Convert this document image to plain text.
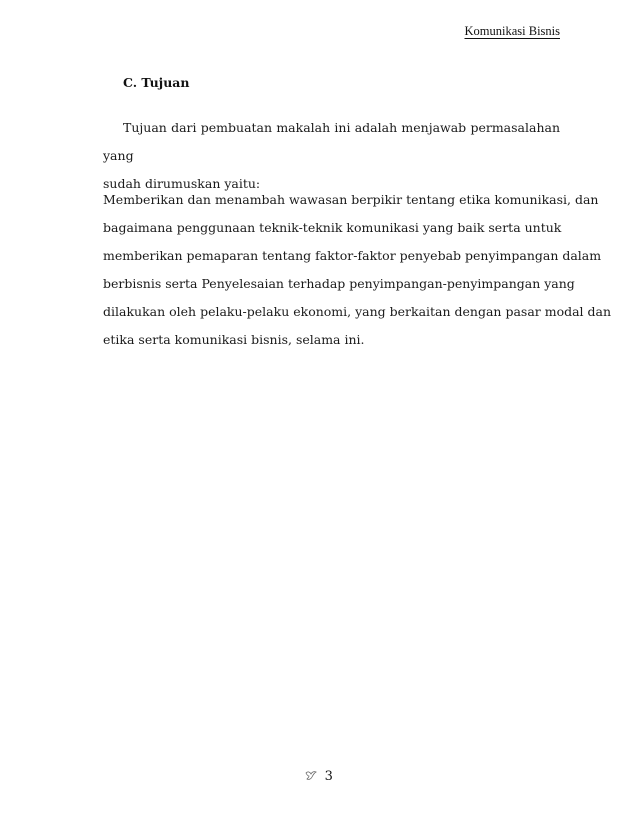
Komunikasi Bisnis
C. Tujuan
Tujuan dari pembuatan makalah ini adalah menjawab permasalahan yang
sudah dirumuskan yaitu:
Memberikan dan menambah wawasan berpikir tentang etika komunikasi, dan
bagaimana penggunaan teknik-teknik komunikasi yang baik serta untuk
memberikan pemaparan tentang faktor-faktor penyebab penyimpangan dalam
berbisnis serta Penyelesaian terhadap penyimpangan-penyimpangan yang
dilakukan oleh pelaku-pelaku ekonomi, yang berkaitan dengan pasar modal dan
etika serta komunikasi bisnis, selama ini.
3
